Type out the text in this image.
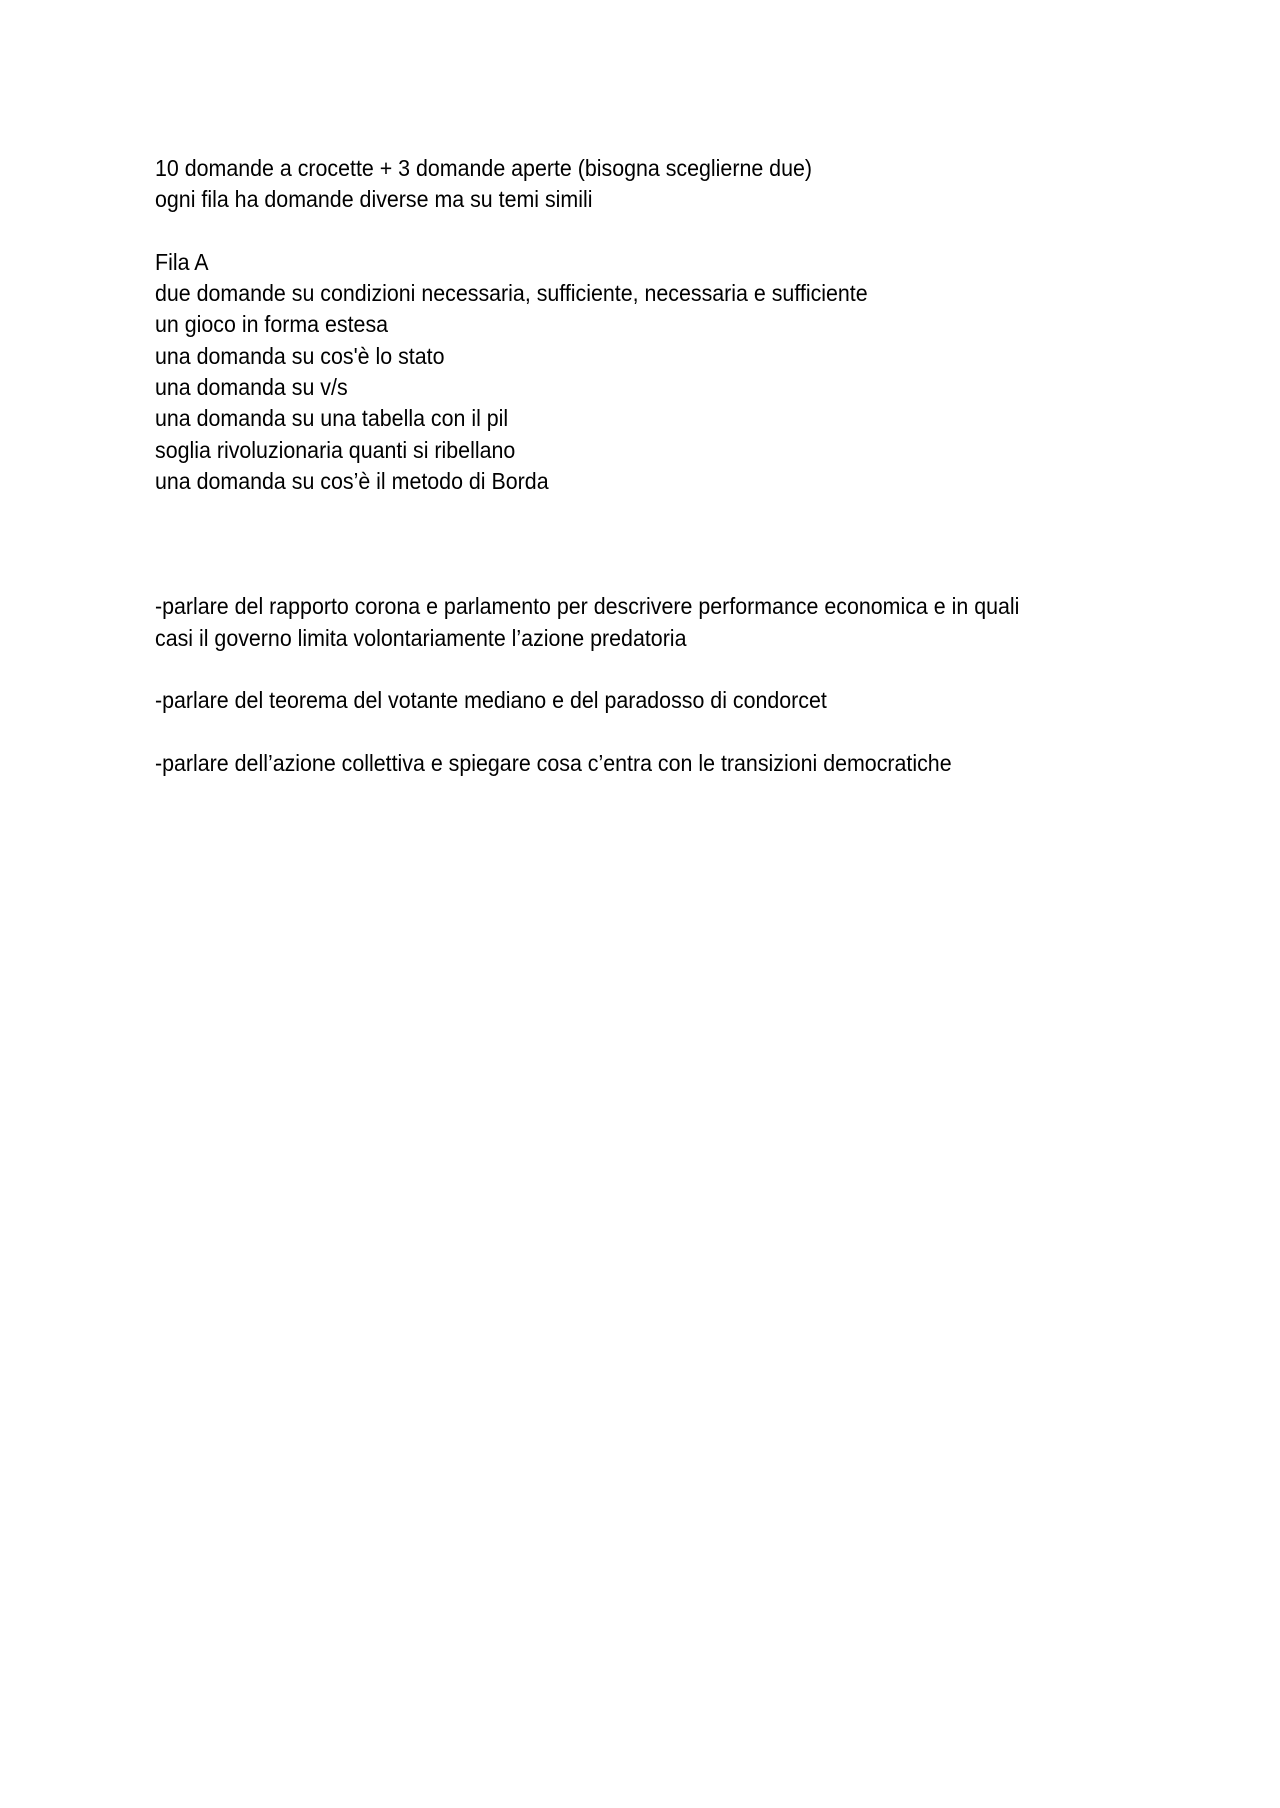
10 domande a crocette + 3 domande aperte (bisogna sceglierne due)

ogni fila ha domande diverse ma su temi simili

Fila A

due domande su condizioni necessaria, sufficiente, necessaria e sufficiente

un gioco in forma estesa

una domanda su cos'è lo stato

una domanda su v/s

una domanda su una tabella con il pil

soglia rivoluzionaria quanti si ribellano

una domanda su cos’è il metodo di Borda

-parlare del rapporto corona e parlamento per descrivere performance economica e in quali

casi il governo limita volontariamente l’azione predatoria

-parlare del teorema del votante mediano e del paradosso di condorcet

-parlare dell’azione collettiva e spiegare cosa c’entra con le transizioni democratiche
